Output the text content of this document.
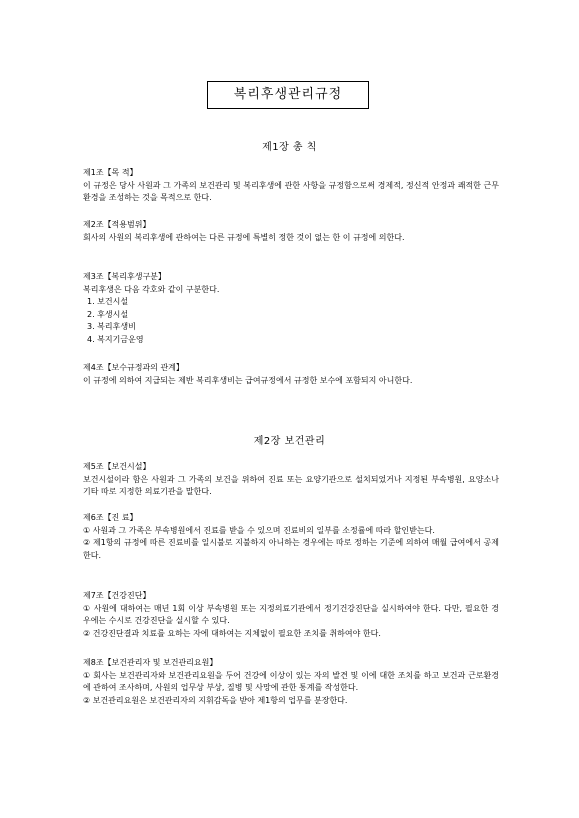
복리후생관리규정
제1장 총 칙
제1조【목 적】
이 규정은 당사 사원과 그 가족의 보건관리 및 복리후생에 관한 사항을 규정함으로써 경제적, 정신적 안정과 쾌적한 근무환경을 조성하는 것을 목적으로 한다.
제2조【적용범위】
회사의 사원의 복리후생에 관하여는 다른 규정에 특별히 정한 것이 없는 한 이 규정에 의한다.
제3조【복리후생구분】
복리후생은 다음 각호와 같이 구분한다.
1. 보건시설
2. 후생시설
3. 복리후생비
4. 복지기금운영
제4조【보수규정과의 관계】
이 규정에 의하여 지급되는 제반 복리후생비는 급여규정에서 규정한 보수에 포함되지 아니한다.
제2장 보건관리
제5조【보건시설】
보건시설이라 함은 사원과 그 가족의 보건을 위하여 진료 또는 요양기관으로 설치되었거나 지정된 부속병원, 요양소나 기타 따로 지정한 의료기관을 말한다.
제6조【진 료】
① 사원과 그 가족은 부속병원에서 진료를 받을 수 있으며 진료비의 일부를 소정률에 따라 할인받는다.
② 제1항의 규정에 따른 진료비를 일시불로 지불하지 아니하는 경우에는 따로 정하는 기준에 의하여 매월 급여에서 공제한다.
제7조【건강진단】
① 사원에 대하여는 매년 1회 이상 부속병원 또는 지정의료기관에서 정기건강진단을 실시하여야 한다. 다만, 필요한 경우에는 수시로 건강진단을 실시할 수 있다.
② 건강진단결과 치료를 요하는 자에 대하여는 지체없이 필요한 조치를 취하여야 한다.
제8조【보건관리자 및 보건관리요원】
① 회사는 보건관리자와 보건관리요원을 두어 건강에 이상이 있는 자의 발견 및 이에 대한 조치를 하고 보건과 근로환경에 관하여 조사하며, 사원의 업무상 부상, 질병 및 사망에 관한 통계를 작성한다.
② 보건관리요원은 보건관리자의 지휘감독을 받아 제1항의 업무를 분장한다.
